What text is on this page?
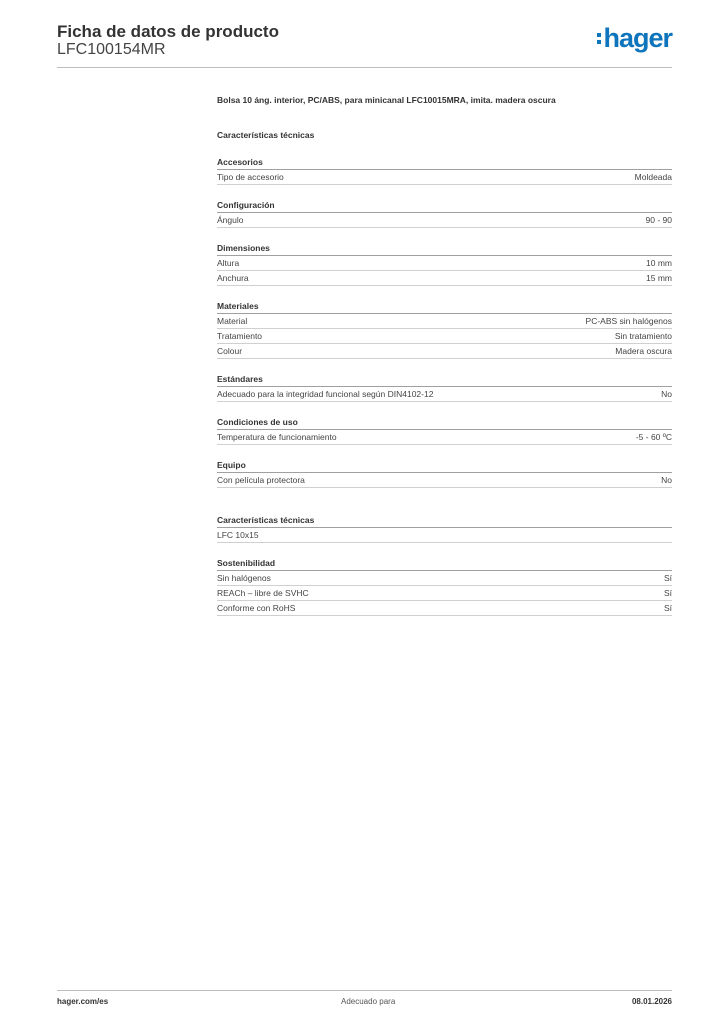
Ficha de datos de producto
LFC100154MR	hager
Bolsa 10 áng. interior, PC/ABS, para minicanal LFC10015MRA, imita. madera oscura
Características técnicas
Accesorios
Tipo de accesorio	Moldeada
Configuración
Ángulo	90 - 90
Dimensiones
Altura	10 mm
Anchura	15 mm
Materiales
Material	PC-ABS sin halógenos
Tratamiento	Sin tratamiento
Colour	Madera oscura
Estándares
Adecuado para la integridad funcional según DIN4102-12	No
Condiciones de uso
Temperatura de funcionamiento	-5 - 60 ºC
Equipo
Con película protectora	No
Características técnicas
LFC 10x15
Sostenibilidad
Sin halógenos	Sí
REACh – libre de SVHC	Sí
Conforme con RoHS	Sí
hager.com/es	Adecuado para	08.01.2026
